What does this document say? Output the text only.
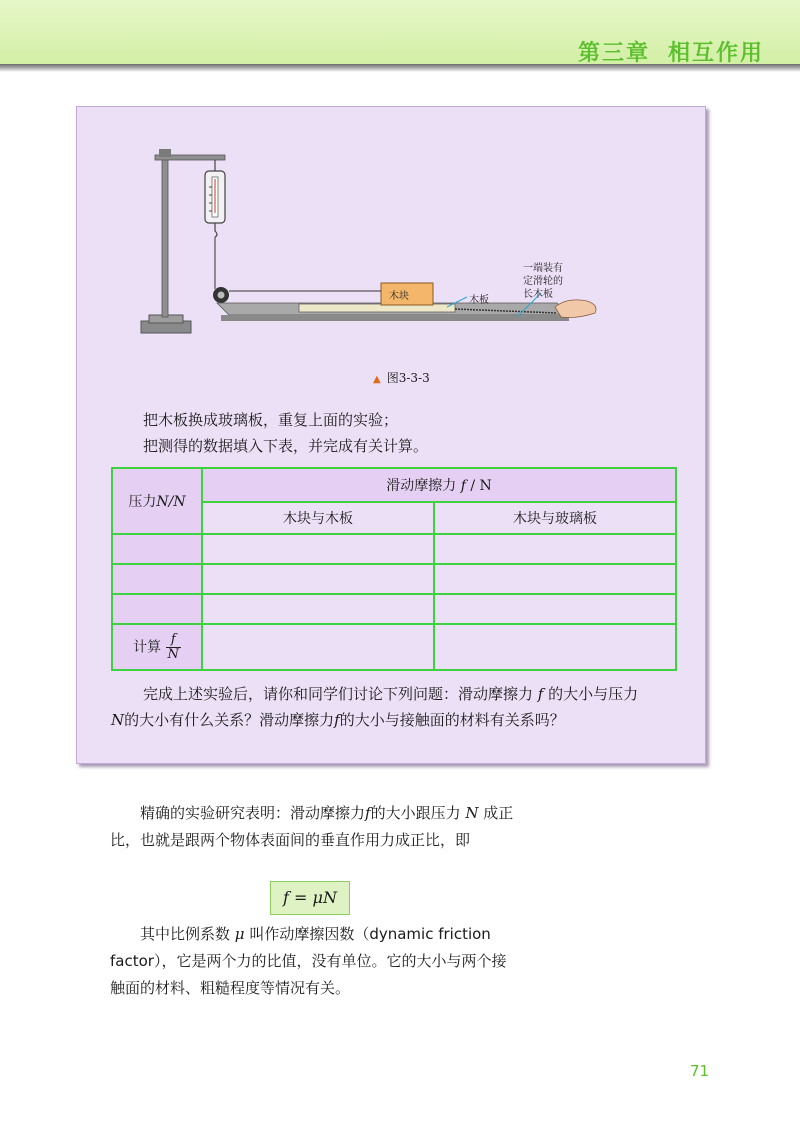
第三章 相互作用
木块	木板
一端装有
定滑轮的
长木板
▲ 图3-3-3
把木板换成玻璃板，重复上面的实验；
把测得的数据填入下表，并完成有关计算。
压力N/N	滑动摩擦力 f / N	
	木块与木板	木块与玻璃板

计算 $\frac{f}{N}$

完成上述实验后，请你和同学们讨论下列问题：滑动摩擦力 f 的大小与压力
N的大小有什么关系？滑动摩擦力f的大小与接触面的材料有关系吗？
精确的实验研究表明：滑动摩擦力f的大小跟压力 N 成正比，也就是跟两个物体表面间的垂直作用力成正比，即
f = μN
其中比例系数 μ 叫作动摩擦因数（dynamic friction factor），它是两个力的比值，没有单位。它的大小与两个接触面的材料、粗糙程度等情况有关。
71
